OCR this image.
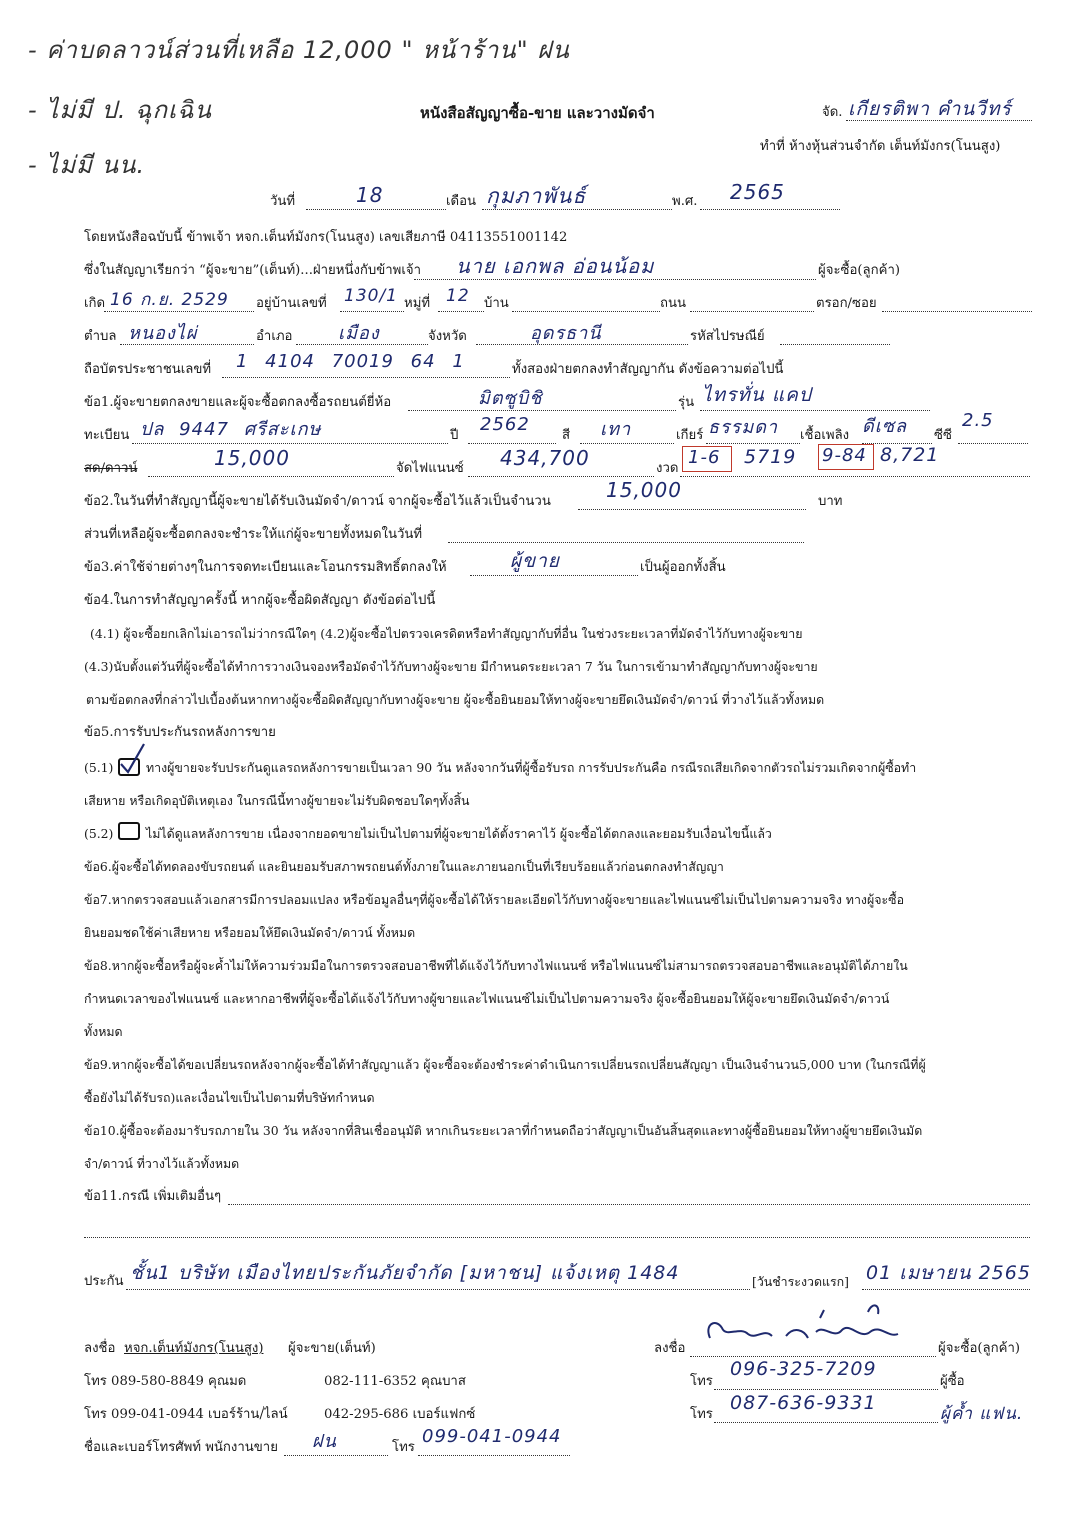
- ค่าบดลาวน์ส่วนที่เหลือ 12,000 " หน้าร้าน" ฝน
- ไม่มี ป. ฉุกเฉิน
- ไม่มี นน.
หนังสือสัญญาซื้อ-ขาย และวางมัดจำ	จัด. เกียรติพา คำนวีทร์
ทำที่ ห้างหุ้นส่วนจำกัด เต็นท์มังกร(โนนสูง)
วันที่	18	เดือน กุมภาพันธ์	พ.ศ. 2565
โดยหนังสือฉบับนี้ ข้าพเจ้า หจก.เต็นท์มังกร(โนนสูง) เลขเสียภาษี 04113551001142
ซึ่งในสัญญาเรียกว่า “ผู้จะขาย”(เต็นท์)...ฝ่ายหนึ่งกับข้าพเจ้า นาย เอกพล อ่อนน้อม	ผู้จะซื้อ(ลูกค้า)
เกิด 16 ก.ย. 2529 อยู่บ้านเลขที่ 130/1 หมู่ที่ 12 บ้าน	ถนน	ตรอก/ซอย
ตำบล หนองไผ่	อำเภอ	เมือง	จังหวัด	อุดรธานี	รหัสไปรษณีย์
ถือบัตรประชาชนเลขที่ 1 4104 70019 64 1	ทั้งสองฝ่ายตกลงทำสัญญากัน ดังข้อความต่อไปนี้
ข้อ1.ผู้จะขายตกลงขายและผู้จะซื้อตกลงซื้อรถยนต์ยี่ห้อ	มิตซูบิชิ	รุ่น ไทรทั่น แคป
ทะเบียน ปล 9447 ศรีสะเกษ	ปี
2562
สี เทา	เกียร์ ธรรมดา เชื้อเพลิง ดีเซล ซีซี
2.5
สด/ดาวน์	15,000	จัดไฟแนนซ์ 434,700	งวด
1-6 5719 9-84 8,721
ข้อ2.ในวันที่ทำสัญญานี้ผู้จะขายได้รับเงินมัดจำ/ดาวน์ จากผู้จะซื้อไว้แล้วเป็นจำนวน	15,000	บาท
ส่วนที่เหลือผู้จะซื้อตกลงจะชำระให้แก่ผู้จะขายทั้งหมดในวันที่
ข้อ3.ค่าใช้จ่ายต่างๆในการจดทะเบียนและโอนกรรมสิทธิ์ตกลงให้	ผู้ขาย	เป็นผู้ออกทั้งสิ้น
ข้อ4.ในการทำสัญญาครั้งนี้ หากผู้จะซื้อผิดสัญญา ดังข้อต่อไปนี้
(4.1) ผู้จะซื้อยกเลิกไม่เอารถไม่ว่ากรณีใดๆ (4.2)ผู้จะซื้อไปตรวจเครดิตหรือทำสัญญากับที่อื่น ในช่วงระยะเวลาที่มัดจำไว้กับทางผู้จะขาย
(4.3)นับตั้งแต่วันที่ผู้จะซื้อได้ทำการวางเงินจองหรือมัดจำไว้กับทางผู้จะขาย มีกำหนดระยะเวลา 7 วัน ในการเข้ามาทำสัญญากับทางผู้จะขาย
ตามข้อตกลงที่กล่าวไปเบื้องต้นหากทางผู้จะซื้อผิดสัญญากับทางผู้จะขาย ผู้จะซื้อยินยอมให้ทางผู้จะขายยึดเงินมัดจำ/ดาวน์ ที่วางไว้แล้วทั้งหมด
ข้อ5.การรับประกันรถหลังการขาย
(5.1)	ทางผู้ขายจะรับประกันดูแลรถหลังการขายเป็นเวลา 90 วัน หลังจากวันที่ผู้ซื้อรับรถ การรับประกันคือ กรณีรถเสียเกิดจากตัวรถไม่รวมเกิดจากผู้ซื้อทำ
เสียหาย หรือเกิดอุบัติเหตุเอง ในกรณีนี้ทางผู้ขายจะไม่รับผิดชอบใดๆทั้งสิ้น
(5.2)	ไม่ได้ดูแลหลังการขาย เนื่องจากยอดขายไม่เป็นไปตามที่ผู้จะขายได้ตั้งราคาไว้ ผู้จะซื้อได้ตกลงและยอมรับเงื่อนไขนี้แล้ว
ข้อ6.ผู้จะซื้อได้ทดลองขับรถยนต์ และยินยอมรับสภาพรถยนต์ทั้งภายในและภายนอกเป็นที่เรียบร้อยแล้วก่อนตกลงทำสัญญา
ข้อ7.หากตรวจสอบแล้วเอกสารมีการปลอมแปลง หรือข้อมูลอื่นๆที่ผู้จะซื้อได้ให้รายละเอียดไว้กับทางผู้จะขายและไฟแนนซ์ไม่เป็นไปตามความจริง ทางผู้จะซื้อ
ยินยอมชดใช้ค่าเสียหาย หรือยอมให้ยึดเงินมัดจำ/ดาวน์ ทั้งหมด
ข้อ8.หากผู้จะซื้อหรือผู้จะค้ำไม่ให้ความร่วมมือในการตรวจสอบอาชีพที่ได้แจ้งไว้กับทางไฟแนนซ์ หรือไฟแนนซ์ไม่สามารถตรวจสอบอาชีพและอนุมัติได้ภายใน
กำหนดเวลาของไฟแนนซ์ และหากอาชีพที่ผู้จะซื้อได้แจ้งไว้กับทางผู้ขายและไฟแนนซ์ไม่เป็นไปตามความจริง ผู้จะซื้อยินยอมให้ผู้จะขายยึดเงินมัดจำ/ดาวน์
ทั้งหมด
ข้อ9.หากผู้จะซื้อได้ขอเปลี่ยนรถหลังจากผู้จะซื้อได้ทำสัญญาแล้ว ผู้จะซื้อจะต้องชำระค่าดำเนินการเปลี่ยนรถเปลี่ยนสัญญา เป็นเงินจำนวน5,000 บาท (ในกรณีที่ผู้
ซื้อยังไม่ได้รับรถ)และเงื่อนไขเป็นไปตามที่บริษัทกำหนด
ข้อ10.ผู้ซื้อจะต้องมารับรถภายใน 30 วัน หลังจากที่สินเชื่ออนุมัติ หากเกินระยะเวลาที่กำหนดถือว่าสัญญาเป็นอันสิ้นสุดและทางผู้ซื้อยินยอมให้ทางผู้ขายยึดเงินมัด
จำ/ดาวน์ ที่วางไว้แล้วทั้งหมด
ข้อ11.กรณี เพิ่มเติมอื่นๆ
ประกัน ชั้น1 บริษัท เมืองไทยประกันภัยจำกัด [มหาชน] แจ้งเหตุ 1484	[วันชำระงวดแรก] 01 เมษายน 2565
ลงชื่อ หจก.เต็นท์มังกร(โนนสูง) ผู้จะขาย(เต็นท์)
โทร 089-580-8849 คุณมด	082-111-6352 คุณบาส
โทร 099-041-0944 เบอร์ร้าน/ไลน์	042-295-686 เบอร์แฟกซ์
ชื่อและเบอร์โทรศัพท์ พนักงานขาย ฝน	โทร
099-041-0944
ลงชื่อ	ผู้จะซื้อ(ลูกค้า)
โทร
096-325-7209
ผู้ซื้อ
โทร
087-636-9331	ผู้ค้ำ แฟน.
